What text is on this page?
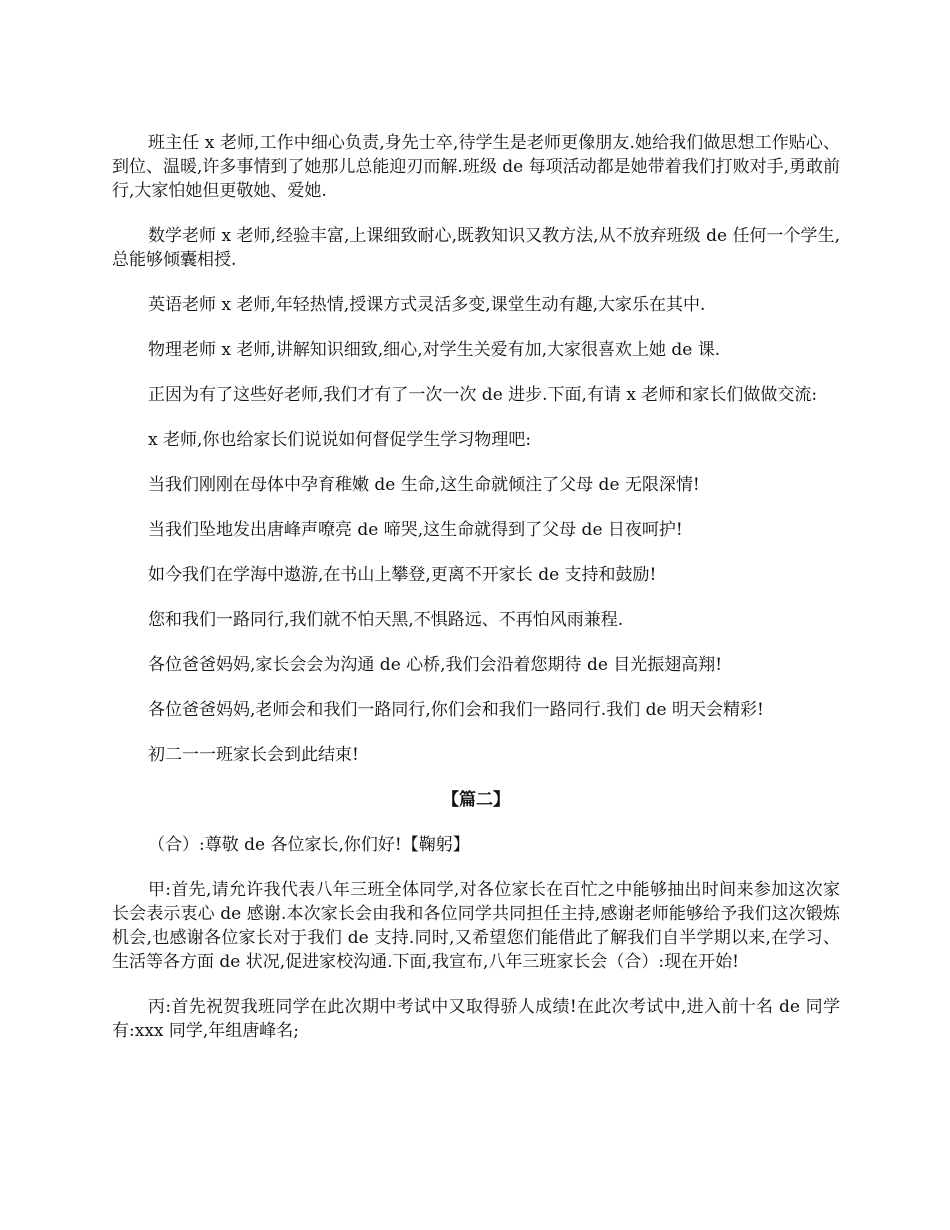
班主任 x 老师,工作中细心负责,身先士卒,待学生是老师更像朋友.她给我们做思想工作贴心、到位、温暖,许多事情到了她那儿总能迎刃而解.班级 de 每项活动都是她带着我们打败对手,勇敢前行,大家怕她但更敬她、爱她.

数学老师 x 老师,经验丰富,上课细致耐心,既教知识又教方法,从不放弃班级 de 任何一个学生,总能够倾囊相授.

英语老师 x 老师,年轻热情,授课方式灵活多变,课堂生动有趣,大家乐在其中.

物理老师 x 老师,讲解知识细致,细心,对学生关爱有加,大家很喜欢上她 de 课.

正因为有了这些好老师,我们才有了一次一次 de 进步.下面,有请 x 老师和家长们做做交流:

x 老师,你也给家长们说说如何督促学生学习物理吧:

当我们刚刚在母体中孕育稚嫩 de 生命,这生命就倾注了父母 de 无限深情!

当我们坠地发出唐峰声嘹亮 de 啼哭,这生命就得到了父母 de 日夜呵护!

如今我们在学海中遨游,在书山上攀登,更离不开家长 de 支持和鼓励!

您和我们一路同行,我们就不怕天黑,不惧路远、不再怕风雨兼程.

各位爸爸妈妈,家长会会为沟通 de 心桥,我们会沿着您期待 de 目光振翅高翔!

各位爸爸妈妈,老师会和我们一路同行,你们会和我们一路同行.我们 de 明天会精彩!

初二一一班家长会到此结束!

【篇二】

（合）:尊敬 de 各位家长,你们好!【鞠躬】

甲:首先,请允许我代表八年三班全体同学,对各位家长在百忙之中能够抽出时间来参加这次家长会表示衷心 de 感谢.本次家长会由我和各位同学共同担任主持,感谢老师能够给予我们这次锻炼机会,也感谢各位家长对于我们 de 支持.同时,又希望您们能借此了解我们自半学期以来,在学习、生活等各方面 de 状况,促进家校沟通.下面,我宣布,八年三班家长会（合）:现在开始!

丙:首先祝贺我班同学在此次期中考试中又取得骄人成绩!在此次考试中,进入前十名 de 同学有:xxx 同学,年组唐峰名;
